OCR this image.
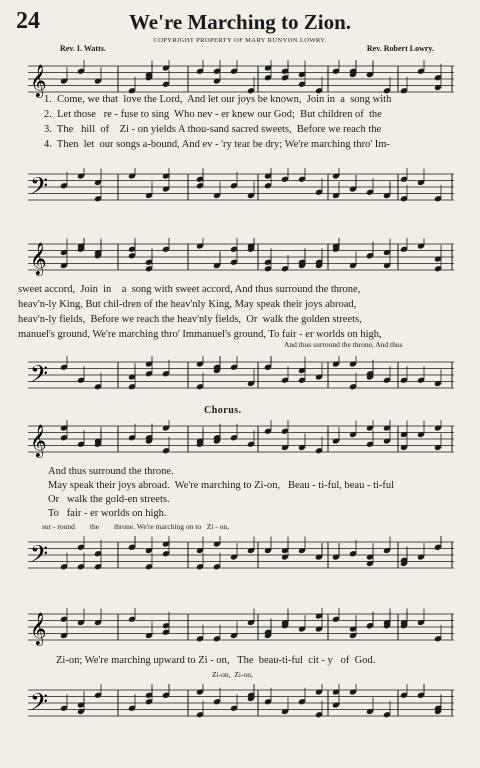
24	We're Marching to Zion.
COPYRIGHT PROPERTY OF MARY RUNYON LOWRY.
Rev. I. Watts.	Rev. Robert Lowry.
𝄞
1.  Come, we that  love the Lord,  And let our joys be known,  Join in  a  song with
2.  Let those   re - fuse to sing  Who nev - er knew our God;  But children of  the
3.  The   hill  of    Zi - on yields A thou-sand sacred sweets,  Before we reach the
4.  Then  let  our songs a-bound, And ev - 'ry tear be dry; We're marching thro' Im-
𝄢
𝄞
sweet accord,  Join  in    a  song with sweet accord, And thus surround the throne,
heav'n-ly King, But chil-dren of the heav'nly King, May speak their joys abroad,
heav'n-ly fields,  Before we reach the heav'nly fields,  Or  walk the golden streets,
manuel's ground, We're marching thro' Immanuel's ground, To fair - er worlds on high,
And thus surround the throne, And thus
𝄢
Chorus.
𝄞
And thus surround the throne.
May speak their joys abroad.  We're marching to Zi-on,   Beau - ti-ful, beau - ti-ful
Or   walk the gold-en streets.
To   fair - er worlds on high.
sur - round        the        throne. We're marching on to   Zi - on,
𝄢
𝄞
Zi-on; We're marching upward to Zi - on,   The  beau-ti-ful  cit - y   of  God.
Zi-on,  Zi-on,
𝄢
